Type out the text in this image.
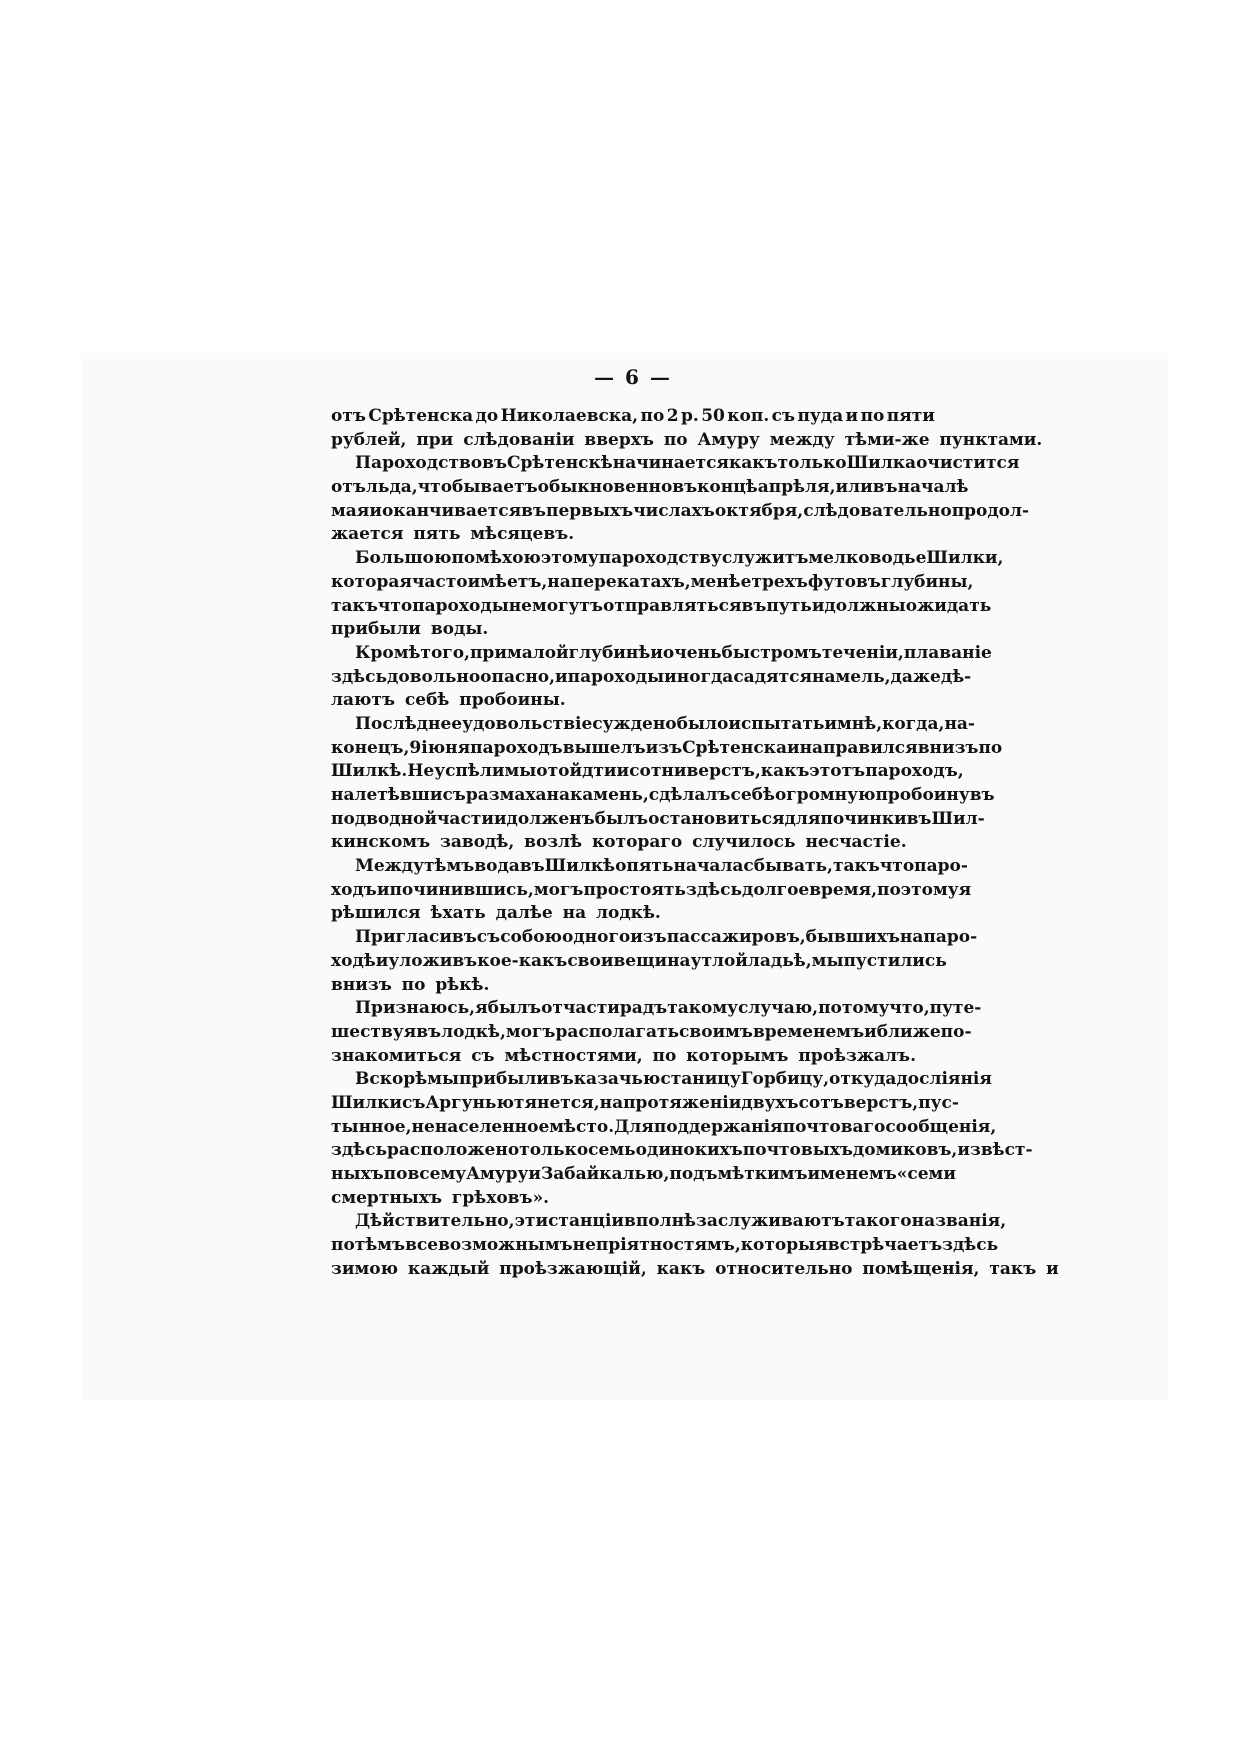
— 6 —
отъ Срѣтенска до Николаевска, по 2 р. 50 коп. съ пуда и по пяти
рублей, при слѣдованіи вверхъ по Амуру между тѣми-же пунктами.
Пароходство въ Срѣтенскѣ начинается какъ только Шилка очистится
отъ льда, что бываетъ обыкновенно въ концѣ апрѣля, или въ началѣ
мая и оканчивается въ первыхъ числахъ октября, слѣдовательно продол-
жается пять мѣсяцевъ.
Большою помѣхою этому пароходству служитъ мелководье Шилки,
которая часто имѣетъ, на перекатахъ, менѣе трехъ футовъ глубины,
такъ что пароходы не могутъ отправляться въ путь и должны ожидать
прибыли воды.
Кромѣ того, при малой глубинѣ и очень быстромъ теченіи, плаваніе
здѣсь довольно опасно, и пароходы иногда садятся на мель, даже дѣ-
лаютъ себѣ пробоины.
Послѣднее удовольствіе суждено было испытать и мнѣ, когда, на-
конецъ, 9 іюня пароходъ вышелъ изъ Срѣтенска и направился внизъ по
Шилкѣ. Не успѣли мы отойдти и сотни верстъ, какъ этотъ пароходъ,
налетѣвши съ размаха на камень, сдѣлалъ себѣ огромную пробоину въ
подводной части и долженъ былъ остановиться для починки въ Шил-
кинскомъ заводѣ, возлѣ котораго случилось несчастіе.
Между тѣмъ вода въ Шилкѣ опять начала сбывать, такъ что паро-
ходъ и починившись, могъ простоять здѣсь долгое время, поэтому я
рѣшился ѣхать далѣе на лодкѣ.
Пригласивъ съ собою одного изъ пассажировъ, бывшихъ на паро-
ходѣ и уложивъ кое-какъ свои вещи на утлой ладьѣ, мы пустились
внизъ по рѣкѣ.
Признаюсь, я былъ отчасти радъ такому случаю, потому что, путе-
шествуя въ лодкѣ, могъ располагать своимъ временемъ и ближе по-
знакомиться съ мѣстностями, по которымъ проѣзжалъ.
Вскорѣ мы прибыли въ казачью станицу Горбицу, откуда до сліянія
Шилки съ Аргунью тянется, на протяженіи двухъ сотъ верстъ, пус-
тынное, не населенное мѣсто. Для поддержанія почтоваго сообщенія,
здѣсь расположено только семь одинокихъ почтовыхъ домиковъ, извѣст-
ныхъ по всему Амуру и Забайкалью, подъ мѣткимъ именемъ «семи
смертныхъ грѣховъ».
Дѣйствительно, эти станціи вполнѣ заслуживаютъ такого названія,
по тѣмъ всевозможнымъ непріятностямъ, которыя встрѣчаетъ здѣсь
зимою каждый проѣзжающій, какъ относительно помѣщенія, такъ и
